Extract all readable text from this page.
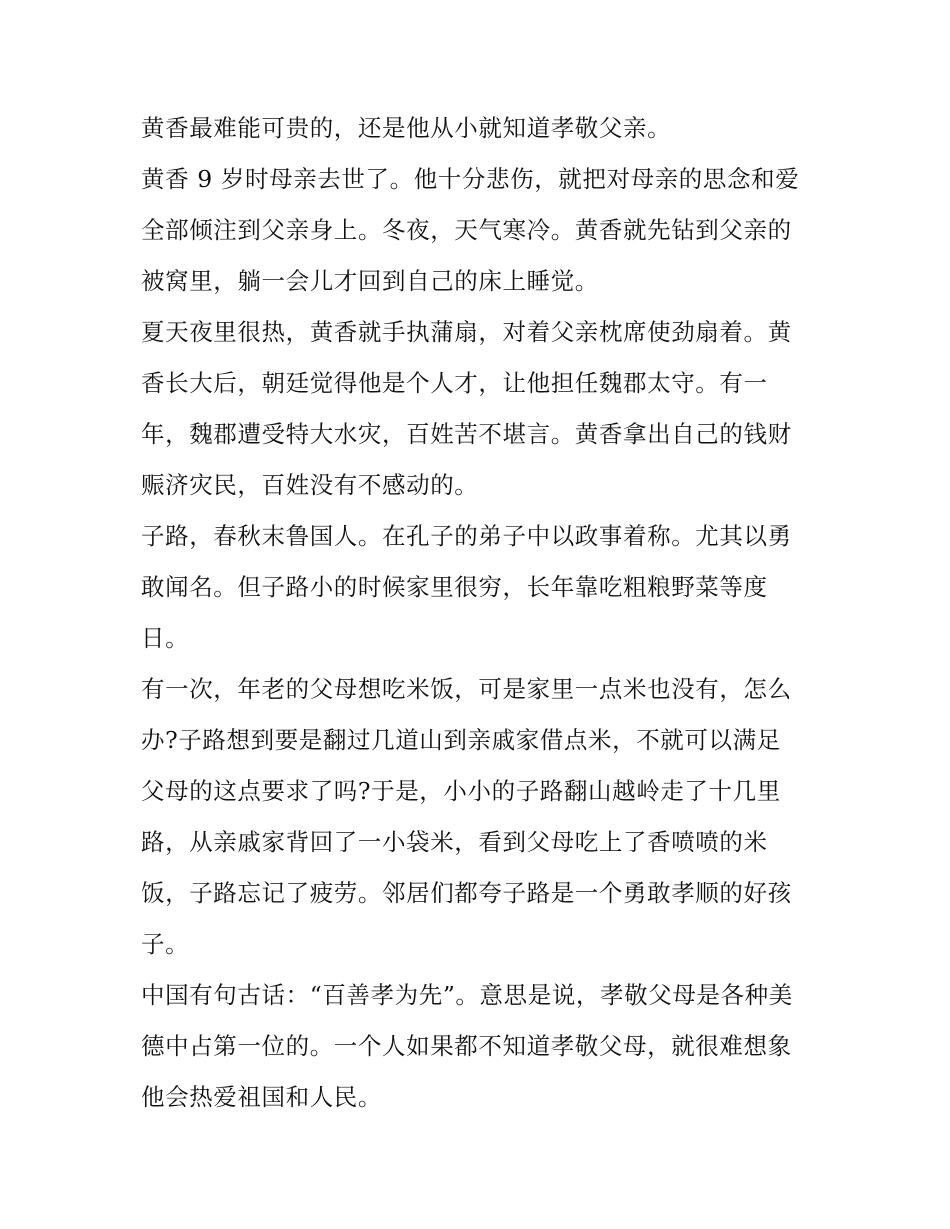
黄香最难能可贵的，还是他从小就知道孝敬父亲。
黄香 9 岁时母亲去世了。他十分悲伤，就把对母亲的思念和爱
全部倾注到父亲身上。冬夜，天气寒冷。黄香就先钻到父亲的
被窝里，躺一会儿才回到自己的床上睡觉。
夏天夜里很热，黄香就手执蒲扇，对着父亲枕席使劲扇着。黄
香长大后，朝廷觉得他是个人才，让他担任魏郡太守。有一
年，魏郡遭受特大水灾，百姓苦不堪言。黄香拿出自己的钱财
赈济灾民，百姓没有不感动的。
子路，春秋末鲁国人。在孔子的弟子中以政事着称。尤其以勇
敢闻名。但子路小的时候家里很穷，长年靠吃粗粮野菜等度
日。
有一次，年老的父母想吃米饭，可是家里一点米也没有，怎么
办?子路想到要是翻过几道山到亲戚家借点米，不就可以满足
父母的这点要求了吗?于是，小小的子路翻山越岭走了十几里
路，从亲戚家背回了一小袋米，看到父母吃上了香喷喷的米
饭，子路忘记了疲劳。邻居们都夸子路是一个勇敢孝顺的好孩
子。
中国有句古话：“百善孝为先”。意思是说，孝敬父母是各种美
德中占第一位的。一个人如果都不知道孝敬父母，就很难想象
他会热爱祖国和人民。
